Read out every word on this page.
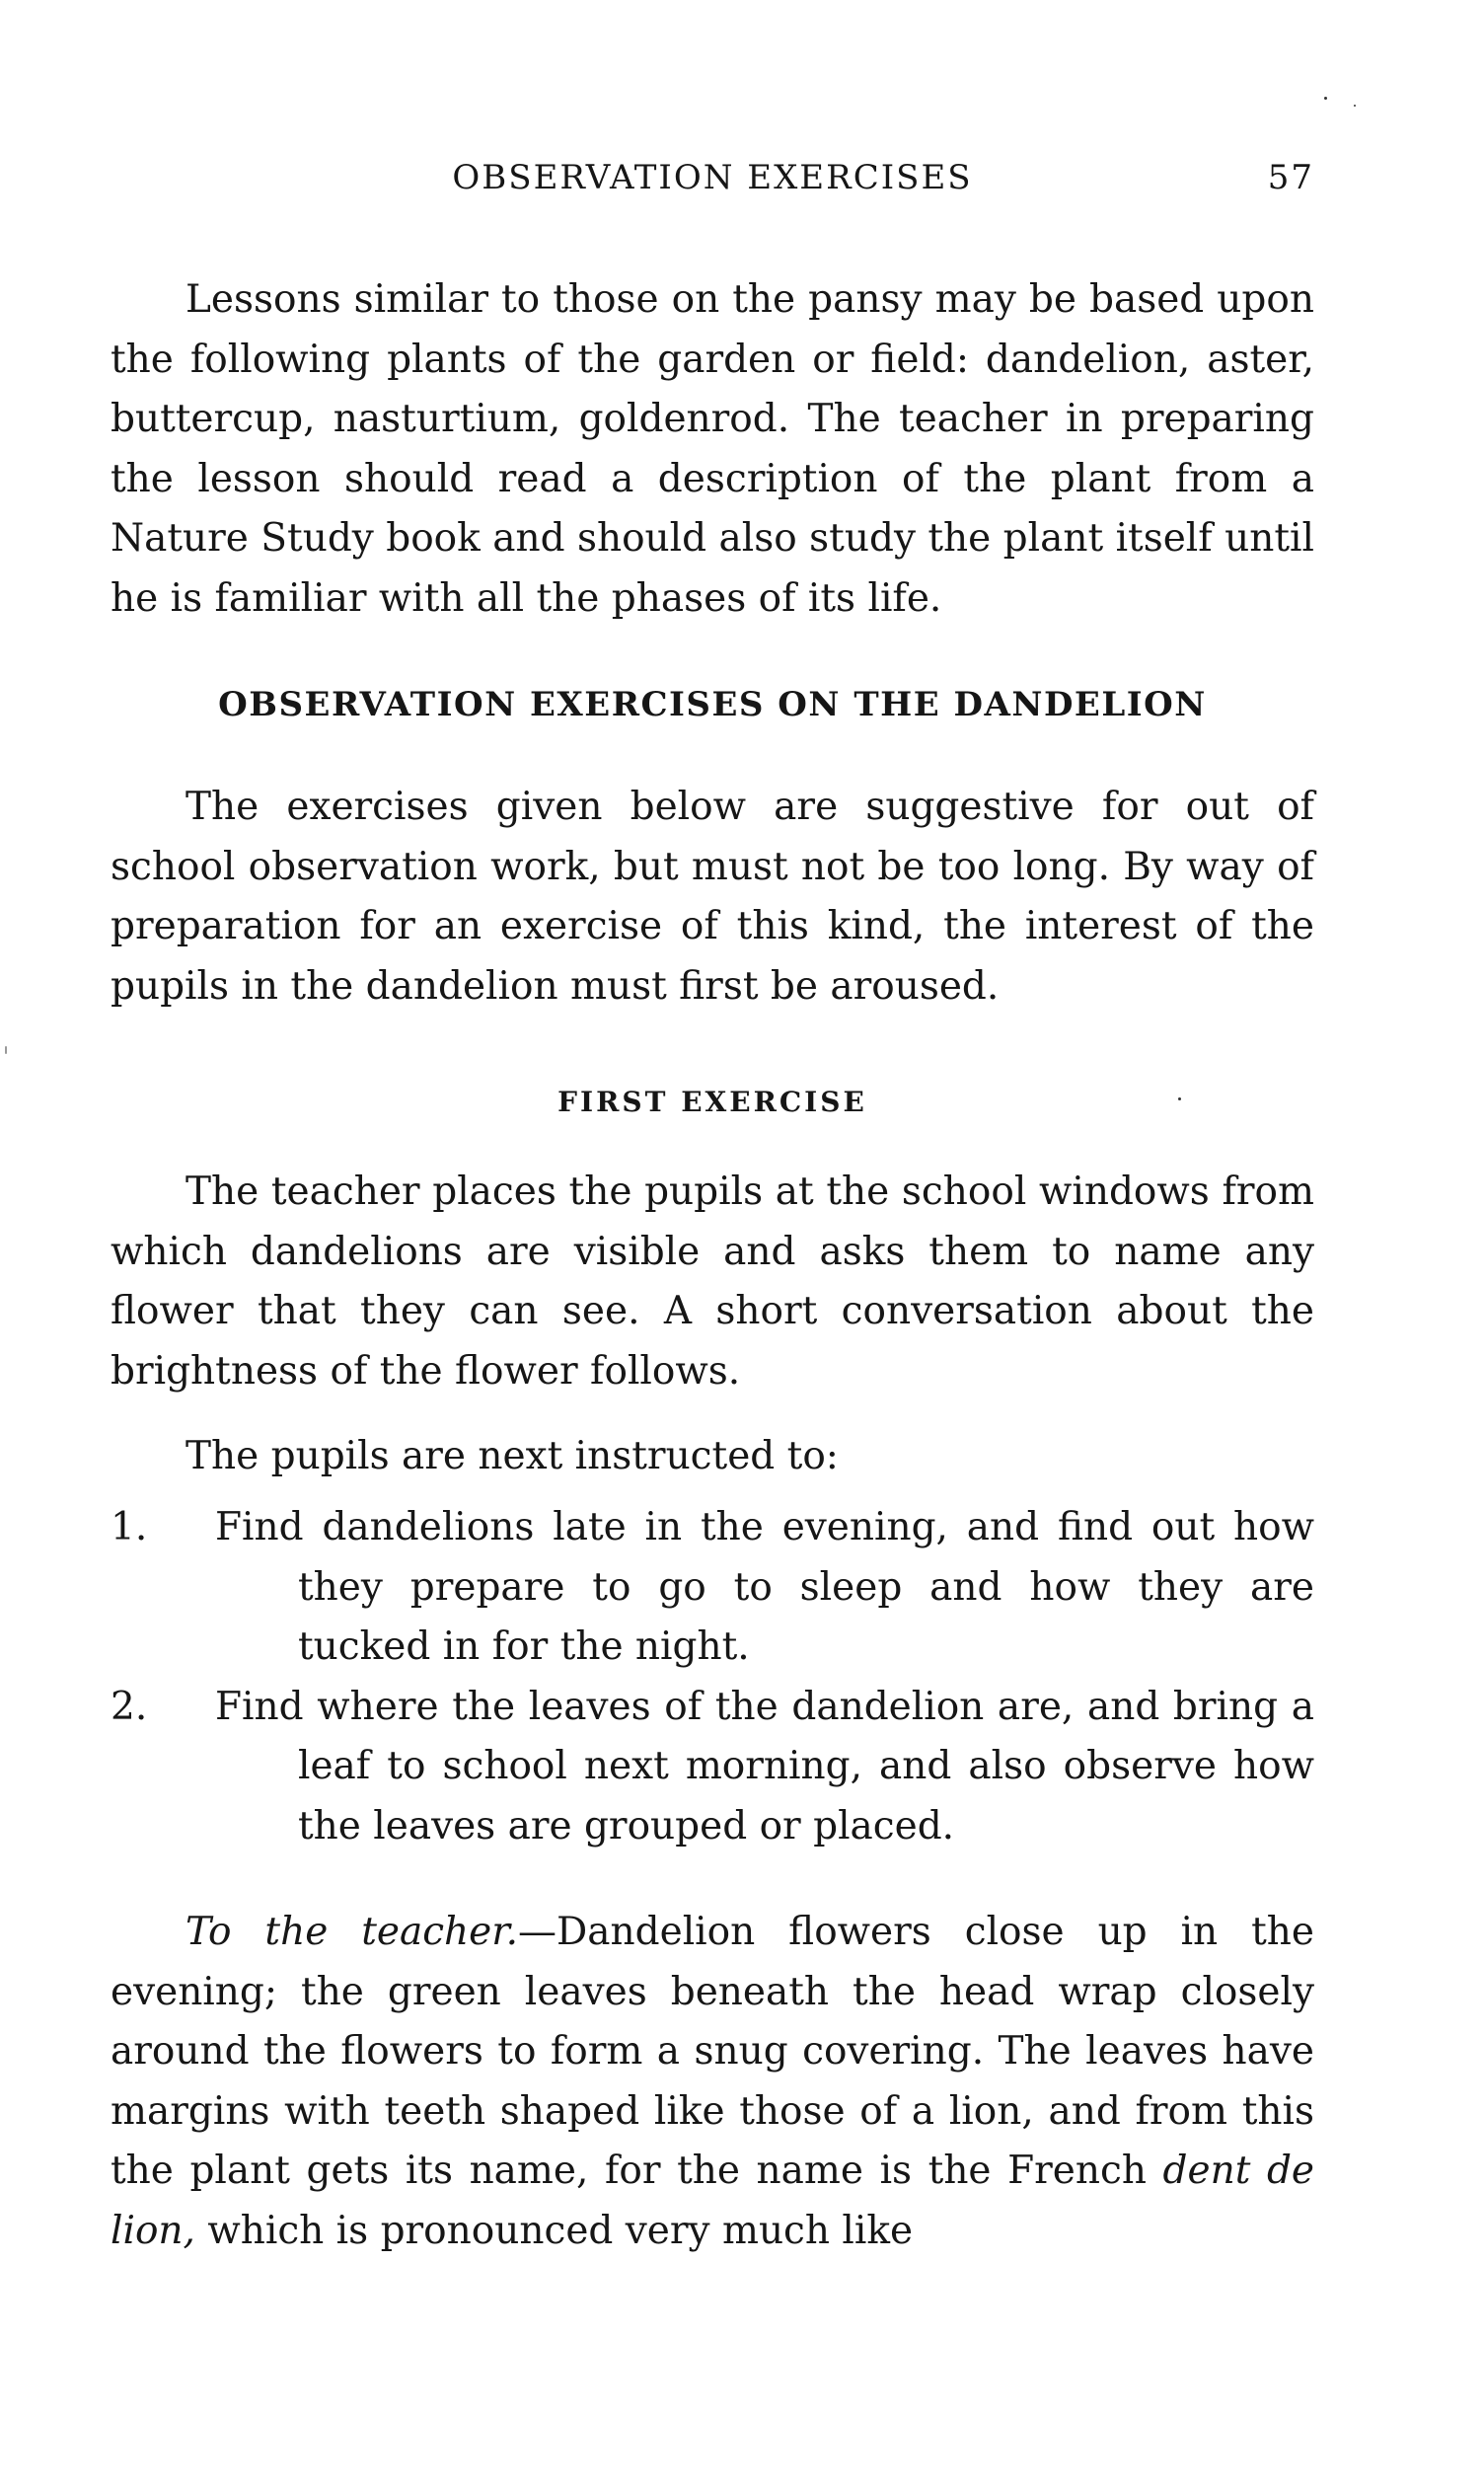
OBSERVATION EXERCISES	57

Lessons similar to those on the pansy may be based upon the following plants of the garden or field: dandelion, aster, buttercup, nasturtium, goldenrod. The teacher in preparing the lesson should read a description of the plant from a Nature Study book and should also study the plant itself until he is familiar with all the phases of its life.

OBSERVATION EXERCISES ON THE DANDELION

The exercises given below are suggestive for out of school observation work, but must not be too long. By way of preparation for an exercise of this kind, the interest of the pupils in the dandelion must first be aroused.

FIRST EXERCISE

The teacher places the pupils at the school windows from which dandelions are visible and asks them to name any flower that they can see. A short conversation about the brightness of the flower follows.

The pupils are next instructed to:

1. Find dandelions late in the evening, and find out how they prepare to go to sleep and how they are tucked in for the night.
2. Find where the leaves of the dandelion are, and bring a leaf to school next morning, and also observe how the leaves are grouped or placed.

To the teacher.—Dandelion flowers close up in the evening; the green leaves beneath the head wrap closely around the flowers to form a snug covering. The leaves have margins with teeth shaped like those of a lion, and from this the plant gets its name, for the name is the French dent de lion, which is pronounced very much like
